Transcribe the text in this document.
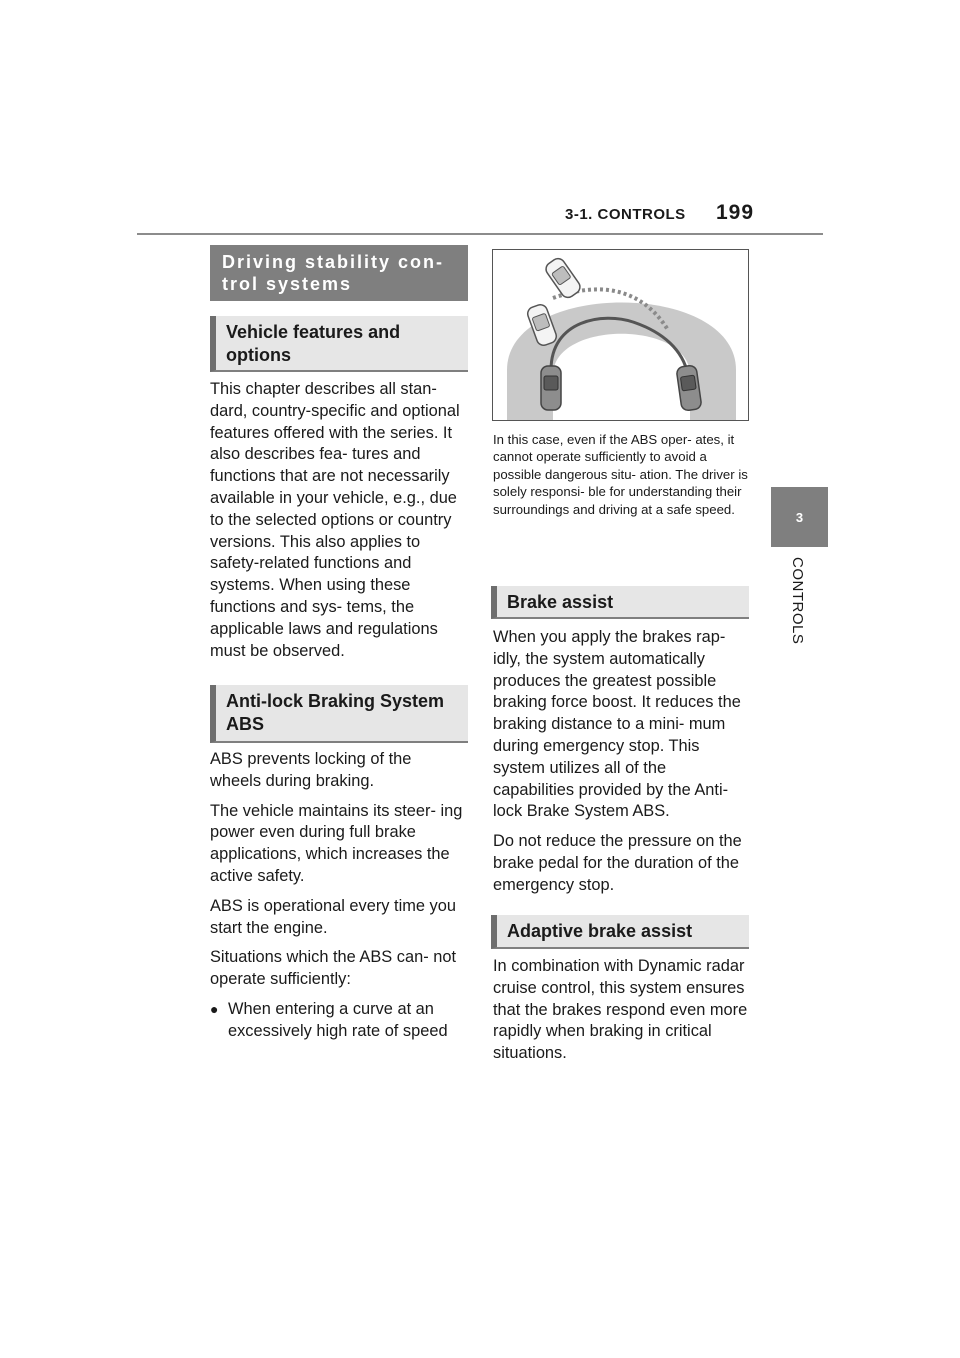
3-1. CONTROLS 199
3
CONTROLS
Driving stability con- trol systems
Vehicle features and options

This chapter describes all stan- dard, country-specific and optional features offered with the series. It also describes fea- tures and functions that are not necessarily available in your vehicle, e.g., due to the selected options or country versions. This also applies to safety-related functions and systems. When using these functions and sys- tems, the applicable laws and regulations must be observed.

Anti-lock Braking System ABS

ABS prevents locking of the wheels during braking.

The vehicle maintains its steer- ing power even during full brake applications, which increases the active safety.

ABS is operational every time you start the engine.

Situations which the ABS can- not operate sufficiently:

● When entering a curve at an excessively high rate of speed
In this case, even if the ABS oper- ates, it cannot operate sufficiently to avoid a possible dangerous situ- ation. The driver is solely responsi- ble for understanding their surroundings and driving at a safe speed.
Brake assist

When you apply the brakes rap- idly, the system automatically produces the greatest possible braking force boost. It reduces the braking distance to a mini- mum during emergency stop. This system utilizes all of the capabilities provided by the Anti- lock Brake System ABS.

Do not reduce the pressure on the brake pedal for the duration of the emergency stop.

Adaptive brake assist

In combination with Dynamic radar cruise control, this system ensures that the brakes respond even more rapidly when braking in critical situations.
